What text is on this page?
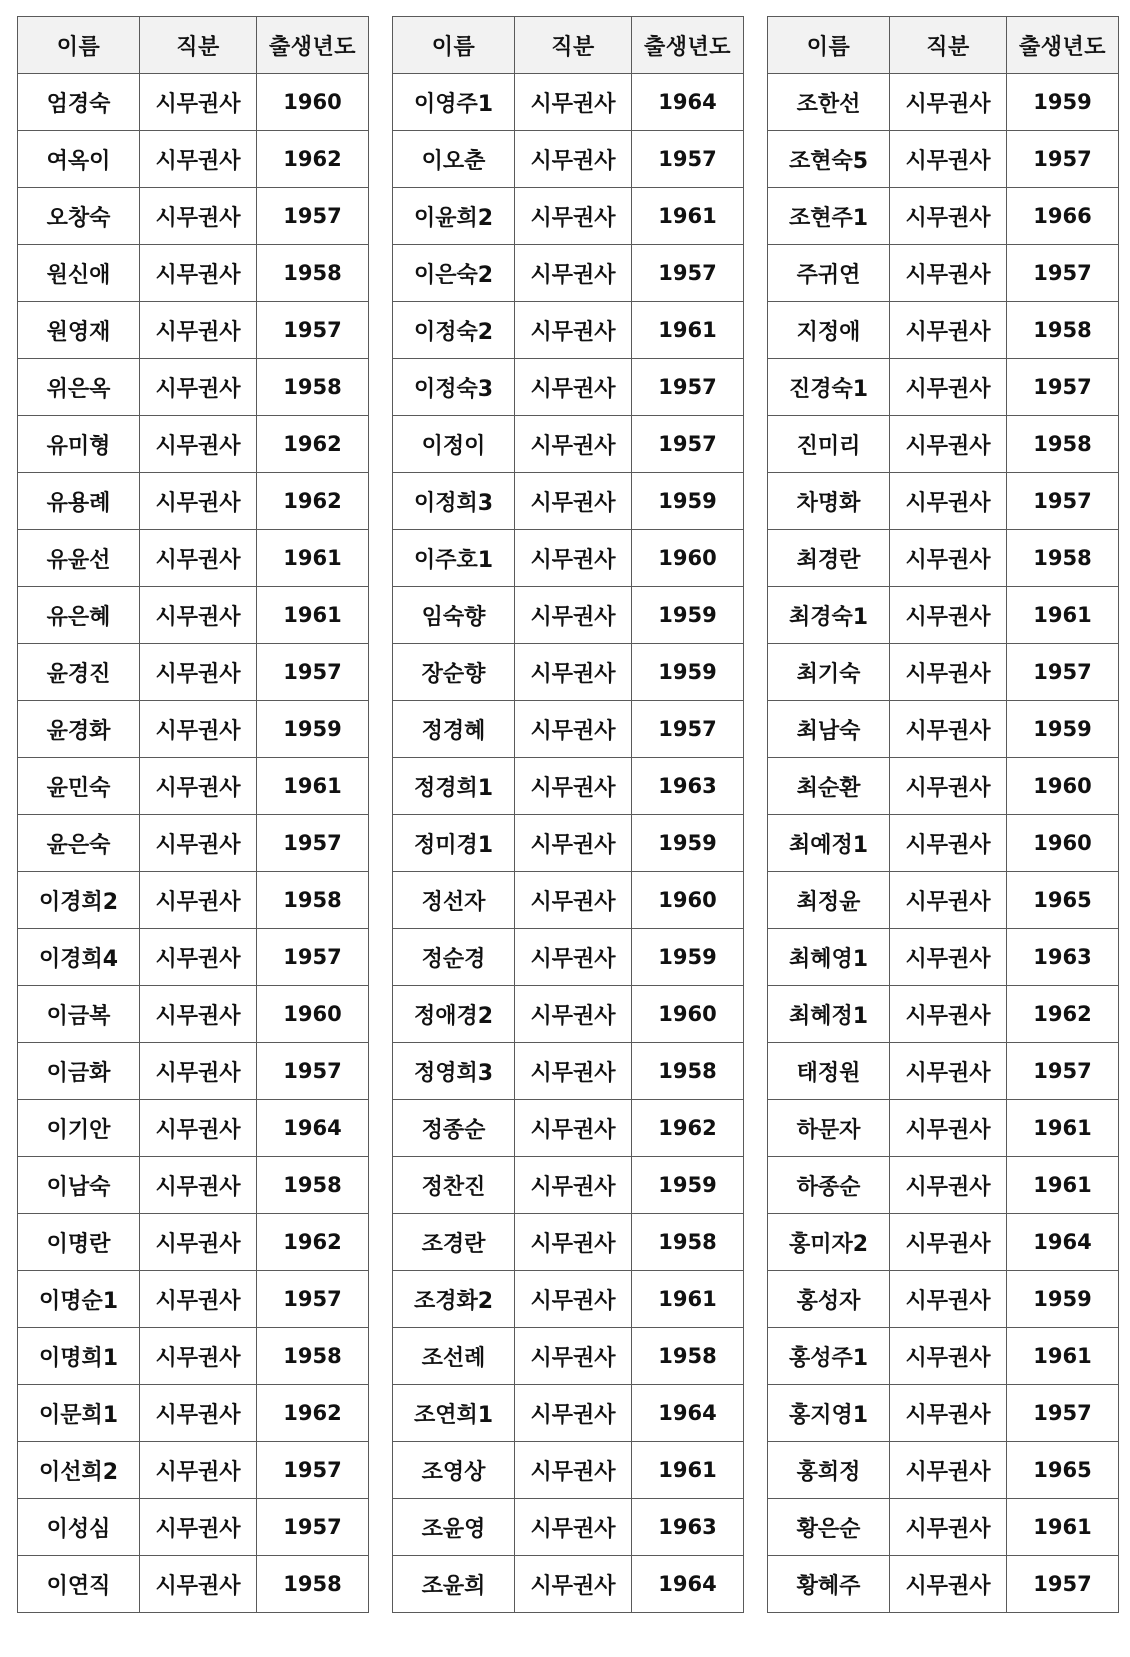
이름	직분	출생년도
엄경숙	시무권사	1960
여옥이	시무권사	1962
오창숙	시무권사	1957
원신애	시무권사	1958
원영재	시무권사	1957
위은옥	시무권사	1958
유미형	시무권사	1962
유용례	시무권사	1962
유윤선	시무권사	1961
유은혜	시무권사	1961
윤경진	시무권사	1957
윤경화	시무권사	1959
윤민숙	시무권사	1961
윤은숙	시무권사	1957
이경희2	시무권사	1958
이경희4	시무권사	1957
이금복	시무권사	1960
이금화	시무권사	1957
이기안	시무권사	1964
이남숙	시무권사	1958
이명란	시무권사	1962
이명순1	시무권사	1957
이명희1	시무권사	1958
이문희1	시무권사	1962
이선희2	시무권사	1957
이성심	시무권사	1957
이연직	시무권사	1958
이름	직분	출생년도
이영주1	시무권사	1964
이오춘	시무권사	1957
이윤희2	시무권사	1961
이은숙2	시무권사	1957
이정숙2	시무권사	1961
이정숙3	시무권사	1957
이정이	시무권사	1957
이정희3	시무권사	1959
이주호1	시무권사	1960
임숙향	시무권사	1959
장순향	시무권사	1959
정경혜	시무권사	1957
정경희1	시무권사	1963
정미경1	시무권사	1959
정선자	시무권사	1960
정순경	시무권사	1959
정애경2	시무권사	1960
정영희3	시무권사	1958
정종순	시무권사	1962
정찬진	시무권사	1959
조경란	시무권사	1958
조경화2	시무권사	1961
조선례	시무권사	1958
조연희1	시무권사	1964
조영상	시무권사	1961
조윤영	시무권사	1963
조윤희	시무권사	1964
이름	직분	출생년도
조한선	시무권사	1959
조현숙5	시무권사	1957
조현주1	시무권사	1966
주귀연	시무권사	1957
지정애	시무권사	1958
진경숙1	시무권사	1957
진미리	시무권사	1958
차명화	시무권사	1957
최경란	시무권사	1958
최경숙1	시무권사	1961
최기숙	시무권사	1957
최남숙	시무권사	1959
최순환	시무권사	1960
최예정1	시무권사	1960
최정윤	시무권사	1965
최혜영1	시무권사	1963
최혜정1	시무권사	1962
태정원	시무권사	1957
하문자	시무권사	1961
하종순	시무권사	1961
홍미자2	시무권사	1964
홍성자	시무권사	1959
홍성주1	시무권사	1961
홍지영1	시무권사	1957
홍희정	시무권사	1965
황은순	시무권사	1961
황혜주	시무권사	1957
